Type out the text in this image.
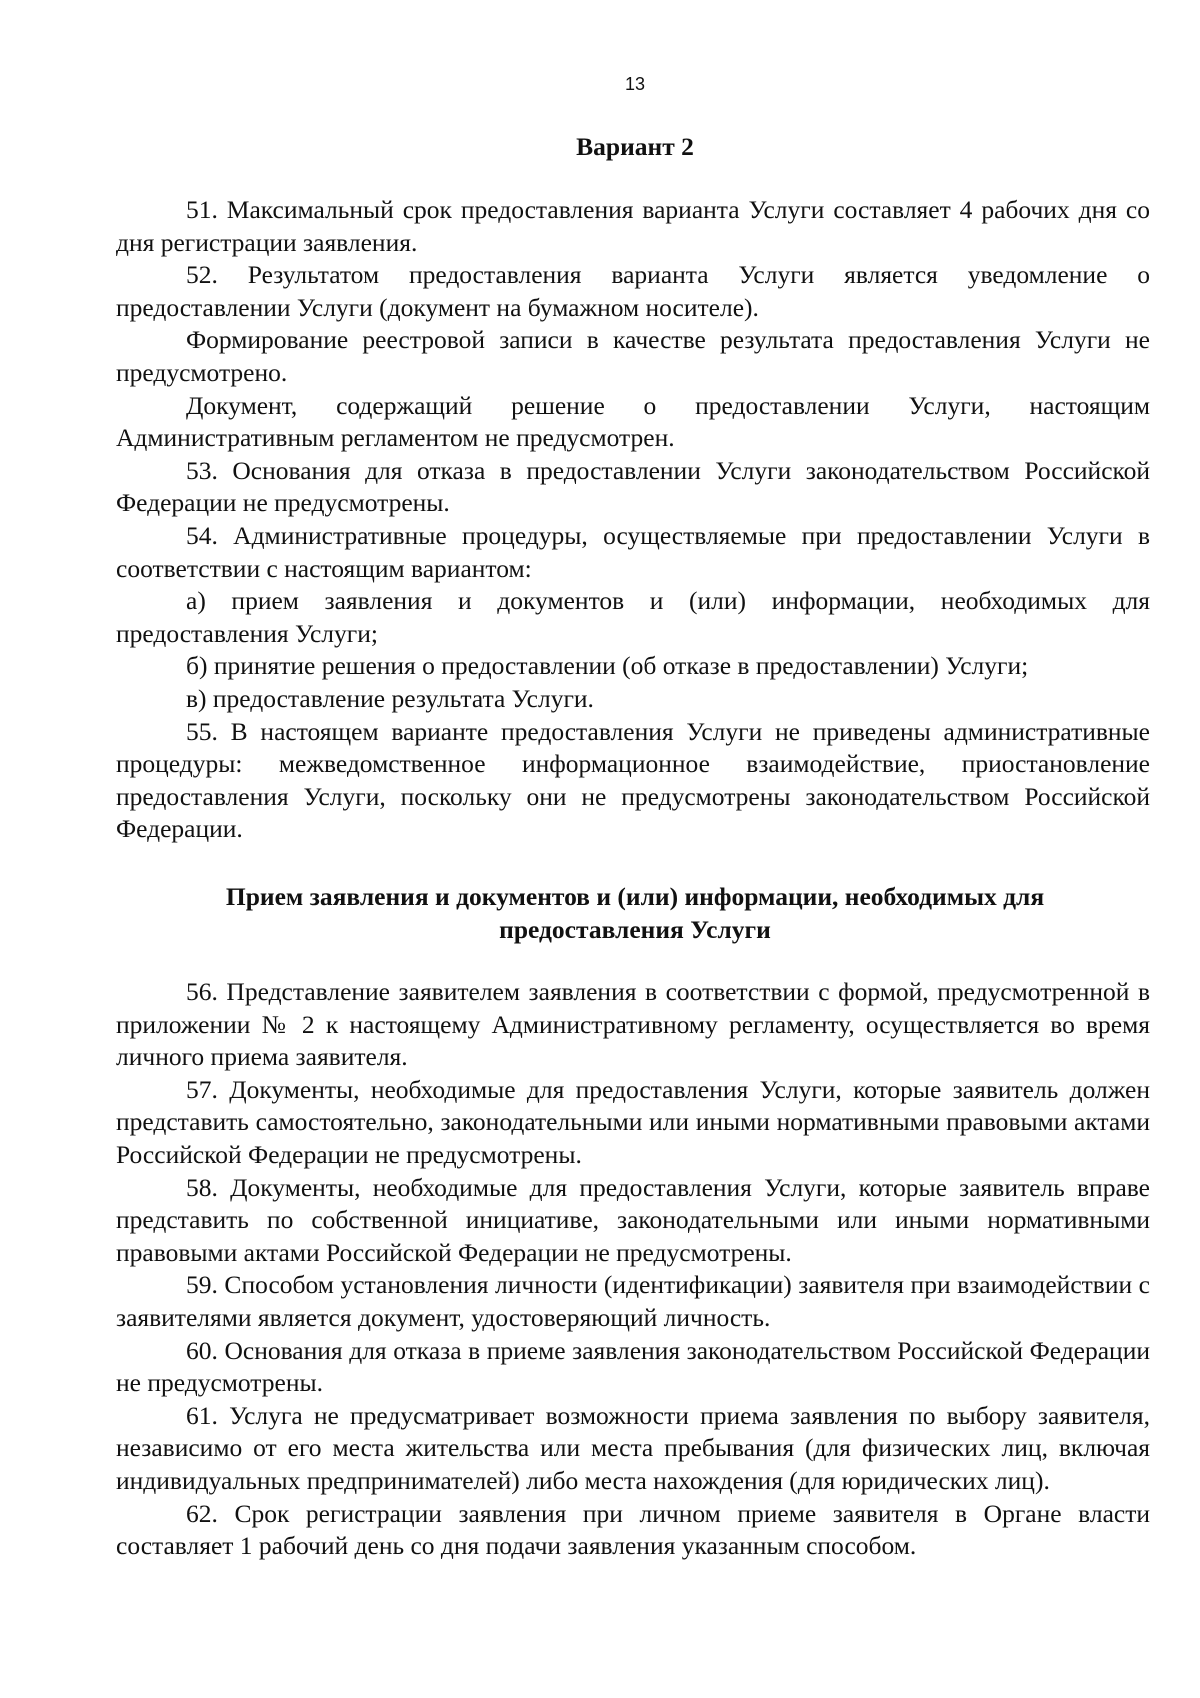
13
Вариант 2

51. Максимальный срок предоставления варианта Услуги составляет 4 рабочих дня со дня регистрации заявления.

52. Результатом предоставления варианта Услуги является уведомление о предоставлении Услуги (документ на бумажном носителе).

Формирование реестровой записи в качестве результата предоставления Услуги не предусмотрено.

Документ, содержащий решение о предоставлении Услуги, настоящим Административным регламентом не предусмотрен.

53. Основания для отказа в предоставлении Услуги законодательством Российской Федерации не предусмотрены.

54. Административные процедуры, осуществляемые при предоставлении Услуги в соответствии с настоящим вариантом:

а) прием заявления и документов и (или) информации, необходимых для предоставления Услуги;

б) принятие решения о предоставлении (об отказе в предоставлении) Услуги;

в) предоставление результата Услуги.

55. В настоящем варианте предоставления Услуги не приведены административные процедуры: межведомственное информационное взаимодействие, приостановление предоставления Услуги, поскольку они не предусмотрены законодательством Российской Федерации.

Прием заявления и документов и (или) информации, необходимых для предоставления Услуги

56. Представление заявителем заявления в соответствии с формой, предусмотренной в приложении № 2 к настоящему Административному регламенту, осуществляется во время личного приема заявителя.

57. Документы, необходимые для предоставления Услуги, которые заявитель должен представить самостоятельно, законодательными или иными нормативными правовыми актами Российской Федерации не предусмотрены.

58. Документы, необходимые для предоставления Услуги, которые заявитель вправе представить по собственной инициативе, законодательными или иными нормативными правовыми актами Российской Федерации не предусмотрены.

59. Способом установления личности (идентификации) заявителя при взаимодействии с заявителями является документ, удостоверяющий личность.

60. Основания для отказа в приеме заявления законодательством Российской Федерации не предусмотрены.

61. Услуга не предусматривает возможности приема заявления по выбору заявителя, независимо от его места жительства или места пребывания (для физических лиц, включая индивидуальных предпринимателей) либо места нахождения (для юридических лиц).

62. Срок регистрации заявления при личном приеме заявителя в Органе власти составляет 1 рабочий день со дня подачи заявления указанным способом.
